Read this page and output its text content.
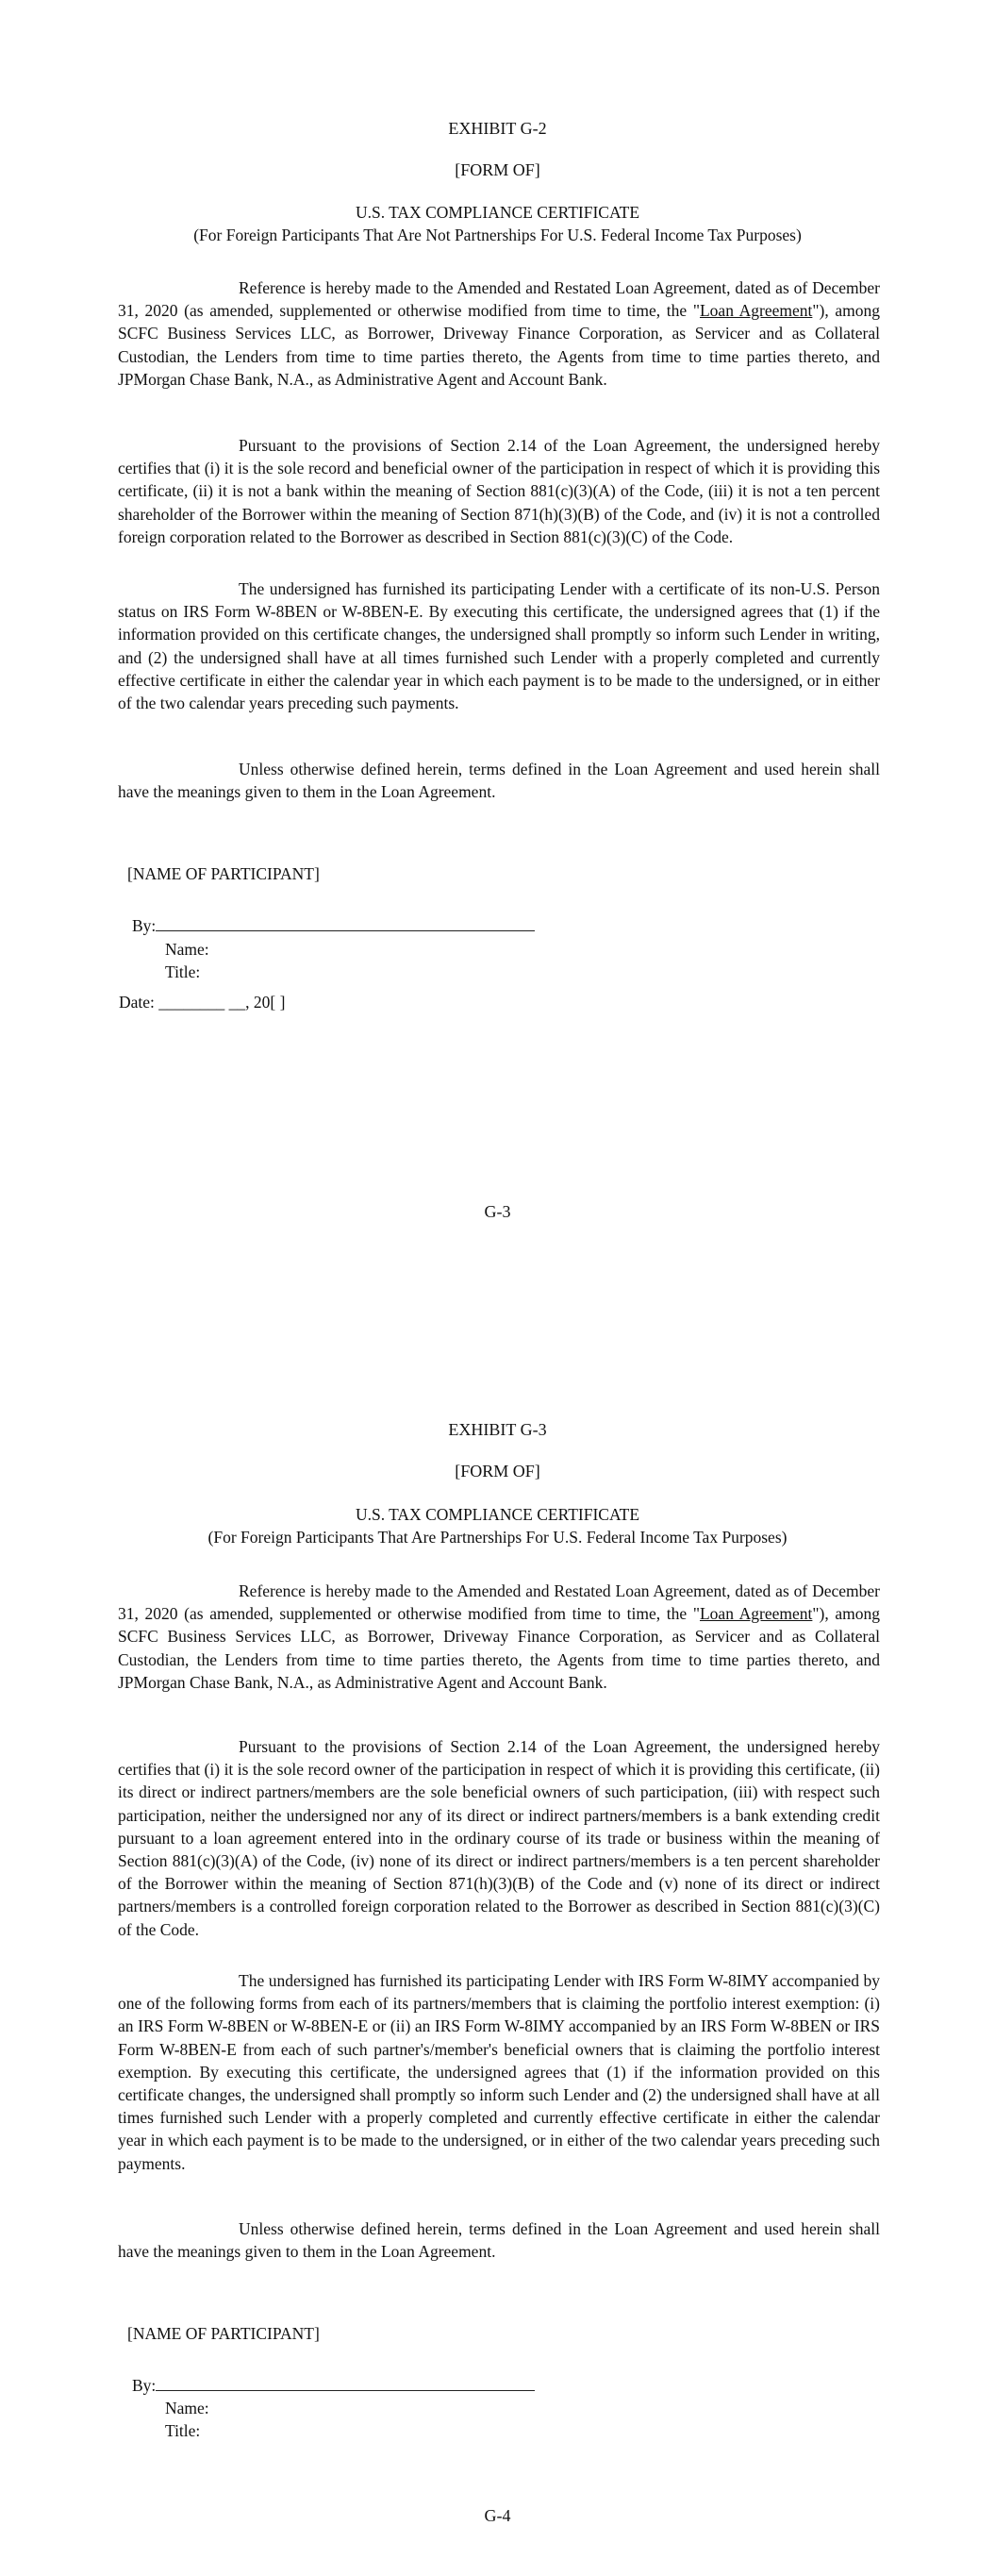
EXHIBIT G-2

[FORM OF]

U.S. TAX COMPLIANCE CERTIFICATE

(For Foreign Participants That Are Not Partnerships For U.S. Federal Income Tax Purposes)

Reference is hereby made to the Amended and Restated Loan Agreement, dated as of December 31, 2020 (as amended, supplemented or otherwise modified from time to time, the "Loan Agreement"), among SCFC Business Services LLC, as Borrower, Driveway Finance Corporation, as Servicer and as Collateral Custodian, the Lenders from time to time parties thereto, the Agents from time to time parties thereto, and JPMorgan Chase Bank, N.A., as Administrative Agent and Account Bank.

Pursuant to the provisions of Section 2.14 of the Loan Agreement, the undersigned hereby certifies that (i) it is the sole record and beneficial owner of the participation in respect of which it is providing this certificate, (ii) it is not a bank within the meaning of Section 881(c)(3)(A) of the Code, (iii) it is not a ten percent shareholder of the Borrower within the meaning of Section 871(h)(3)(B) of the Code, and (iv) it is not a controlled foreign corporation related to the Borrower as described in Section 881(c)(3)(C) of the Code.

The undersigned has furnished its participating Lender with a certificate of its non-U.S. Person status on IRS Form W-8BEN or W-8BEN-E. By executing this certificate, the undersigned agrees that (1) if the information provided on this certificate changes, the undersigned shall promptly so inform such Lender in writing, and (2) the undersigned shall have at all times furnished such Lender with a properly completed and currently effective certificate in either the calendar year in which each payment is to be made to the undersigned, or in either of the two calendar years preceding such payments.

Unless otherwise defined herein, terms defined in the Loan Agreement and used herein shall have the meanings given to them in the Loan Agreement.

[NAME OF PARTICIPANT]

By:

Name:

Title:

Date: ________ __, 20[ ]

G-3

EXHIBIT G-3

[FORM OF]

U.S. TAX COMPLIANCE CERTIFICATE

(For Foreign Participants That Are Partnerships For U.S. Federal Income Tax Purposes)

Reference is hereby made to the Amended and Restated Loan Agreement, dated as of December 31, 2020 (as amended, supplemented or otherwise modified from time to time, the "Loan Agreement"), among SCFC Business Services LLC, as Borrower, Driveway Finance Corporation, as Servicer and as Collateral Custodian, the Lenders from time to time parties thereto, the Agents from time to time parties thereto, and JPMorgan Chase Bank, N.A., as Administrative Agent and Account Bank.

Pursuant to the provisions of Section 2.14 of the Loan Agreement, the undersigned hereby certifies that (i) it is the sole record owner of the participation in respect of which it is providing this certificate, (ii) its direct or indirect partners/members are the sole beneficial owners of such participation, (iii) with respect such participation, neither the undersigned nor any of its direct or indirect partners/members is a bank extending credit pursuant to a loan agreement entered into in the ordinary course of its trade or business within the meaning of Section 881(c)(3)(A) of the Code, (iv) none of its direct or indirect partners/members is a ten percent shareholder of the Borrower within the meaning of Section 871(h)(3)(B) of the Code and (v) none of its direct or indirect partners/members is a controlled foreign corporation related to the Borrower as described in Section 881(c)(3)(C) of the Code.

The undersigned has furnished its participating Lender with IRS Form W-8IMY accompanied by one of the following forms from each of its partners/members that is claiming the portfolio interest exemption: (i) an IRS Form W-8BEN or W-8BEN-E or (ii) an IRS Form W-8IMY accompanied by an IRS Form W-8BEN or IRS Form W-8BEN-E from each of such partner's/member's beneficial owners that is claiming the portfolio interest exemption. By executing this certificate, the undersigned agrees that (1) if the information provided on this certificate changes, the undersigned shall promptly so inform such Lender and (2) the undersigned shall have at all times furnished such Lender with a properly completed and currently effective certificate in either the calendar year in which each payment is to be made to the undersigned, or in either of the two calendar years preceding such payments.

Unless otherwise defined herein, terms defined in the Loan Agreement and used herein shall have the meanings given to them in the Loan Agreement.

[NAME OF PARTICIPANT]

By:

Name:

Title:

G-4
